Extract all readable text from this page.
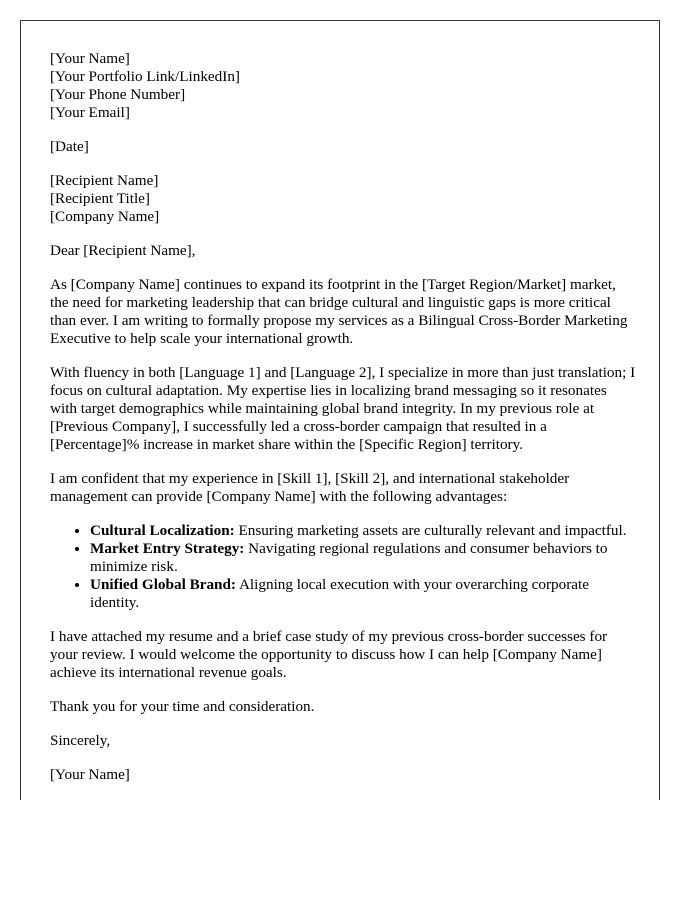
[Your Name]
[Your Portfolio Link/LinkedIn]
[Your Phone Number]
[Your Email]
[Date]
[Recipient Name]
[Recipient Title]
[Company Name]

Dear [Recipient Name],

As [Company Name] continues to expand its footprint in the [Target Region/Market] market, the need for marketing leadership that can bridge cultural and linguistic gaps is more critical than ever. I am writing to formally propose my services as a Bilingual Cross-Border Marketing Executive to help scale your international growth.

With fluency in both [Language 1] and [Language 2], I specialize in more than just translation; I focus on cultural adaptation. My expertise lies in localizing brand messaging so it resonates with target demographics while maintaining global brand integrity. In my previous role at [Previous Company], I successfully led a cross-border campaign that resulted in a [Percentage]% increase in market share within the [Specific Region] territory.

I am confident that my experience in [Skill 1], [Skill 2], and international stakeholder management can provide [Company Name] with the following advantages:

• Cultural Localization: Ensuring marketing assets are culturally relevant and impactful.
• Market Entry Strategy: Navigating regional regulations and consumer behaviors to minimize risk.
• Unified Global Brand: Aligning local execution with your overarching corporate identity.

I have attached my resume and a brief case study of my previous cross-border successes for your review. I would welcome the opportunity to discuss how I can help [Company Name] achieve its international revenue goals.

Thank you for your time and consideration.

Sincerely,

[Your Name]
